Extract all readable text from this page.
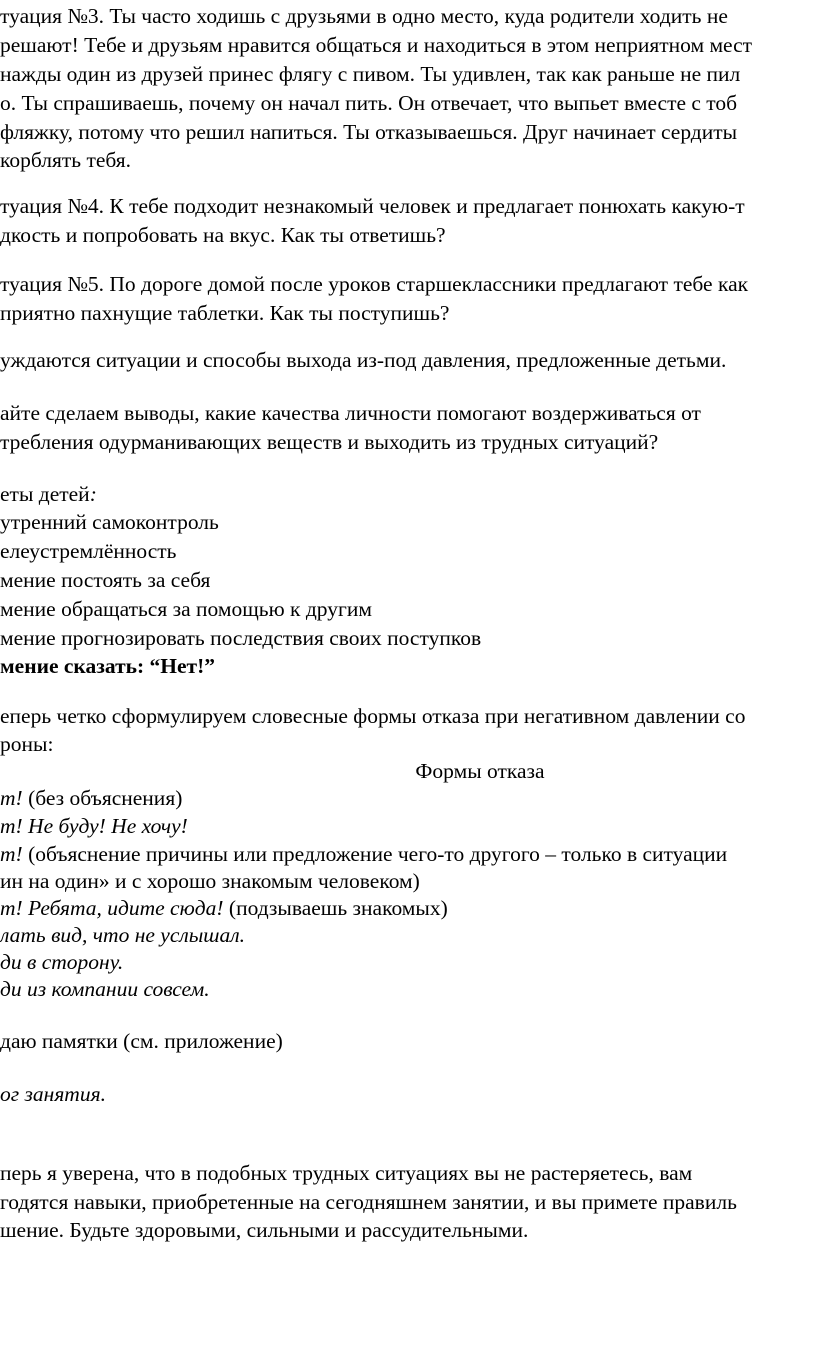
туация №3. Ты часто ходишь с друзьями в одно место, куда родители ходить не
решают! Тебе и друзьям нравится общаться и находиться в этом неприятном мест
нажды один из друзей принес флягу с пивом. Ты удивлен, так как раньше не пил
о. Ты спрашиваешь, почему он начал пить. Он отвечает, что выпьет вместе с тоб
фляжку, потому что решил напиться. Ты отказываешься. Друг начинает сердиты
корблять тебя.
туация №4. К тебе подходит незнакомый человек и предлагает понюхать какую-т
дкость и попробовать на вкус. Как ты ответишь?
туация №5. По дороге домой после уроков старшеклассники предлагают тебе как
приятно пахнущие таблетки. Как ты поступишь?
уждаются ситуации и способы выхода из-под давления, предложенные детьми.
айте сделаем выводы, какие качества личности помогают воздерживаться от
требления одурманивающих веществ и выходить из трудных ситуаций?
еты детей:
утренний самоконтроль
елеустремлённость
мение постоять за себя
мение обращаться за помощью к другим
мение прогнозировать последствия своих поступков
мение сказать: “Нет!”
еперь четко сформулируем словесные формы отказа при негативном давлении со
роны:
Формы отказа
т! (без объяснения)
т! Не буду! Не хочу!
т! (объяснение причины или предложение чего-то другого – только в ситуации
ин на один» и с хорошо знакомым человеком)
т! Ребята, идите сюда! (подзываешь знакомых)
лать вид, что не услышал.
ди в сторону.
ди из компании совсем.
даю памятки (см. приложение)
ог занятия.
перь я уверена, что в подобных трудных ситуациях вы не растеряетесь, вам
годятся навыки, приобретенные на сегодняшнем занятии, и вы примете правиль
шение. Будьте здоровыми, сильными и рассудительными.
